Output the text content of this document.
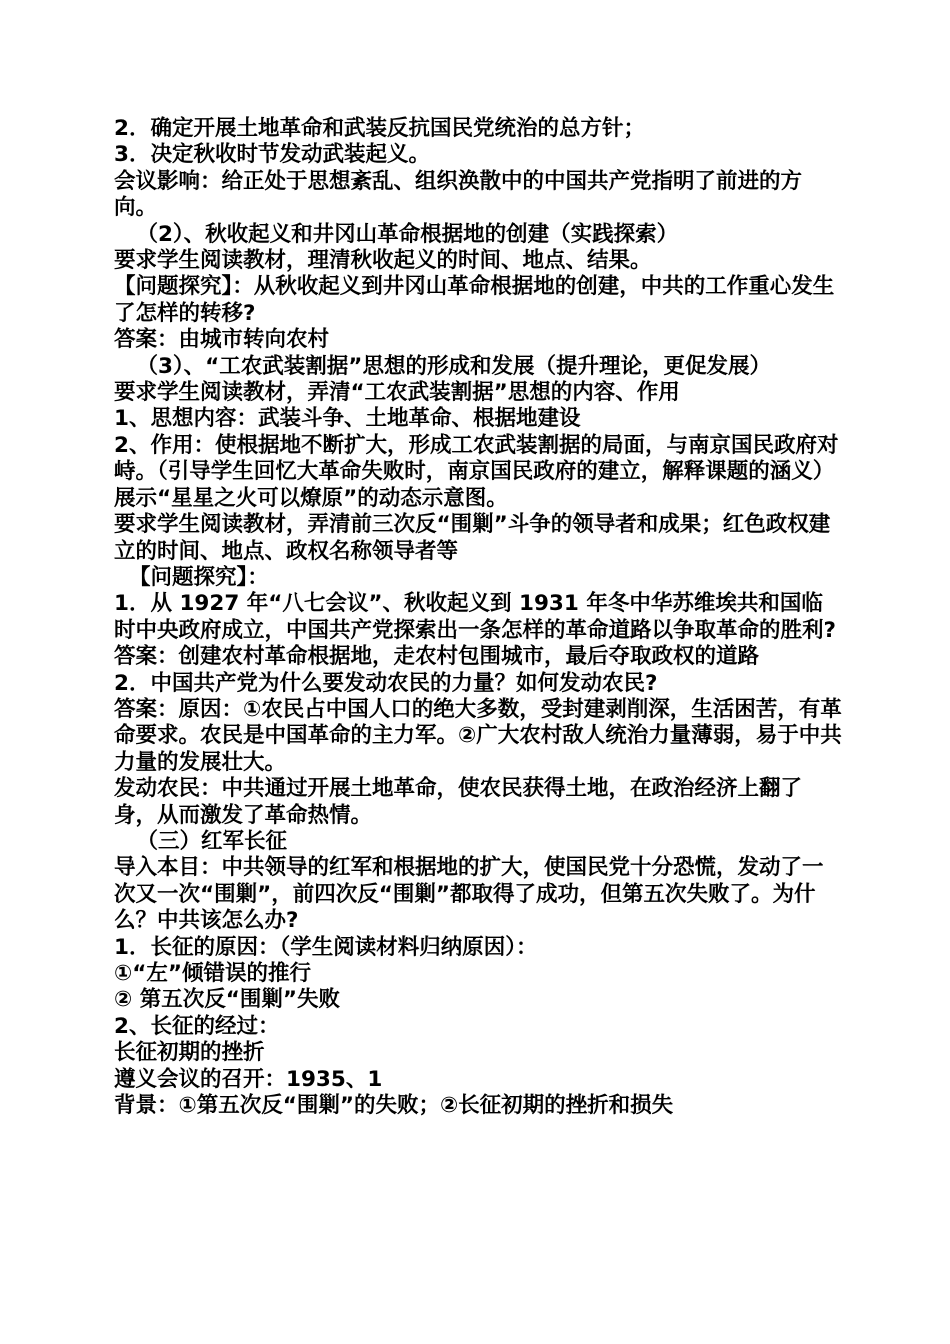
2．确定开展土地革命和武装反抗国民党统治的总方针；

3．决定秋收时节发动武装起义。

会议影响：给正处于思想紊乱、组织涣散中的中国共产党指明了前进的方向。

（2）、秋收起义和井冈山革命根据地的创建（实践探索）

要求学生阅读教材，理清秋收起义的时间、地点、结果。

【问题探究】：从秋收起义到井冈山革命根据地的创建，中共的工作重心发生了怎样的转移?

答案：由城市转向农村

（3）、“工农武装割据”思想的形成和发展（提升理论，更促发展）

要求学生阅读教材，弄清“工农武装割据”思想的内容、作用

1、思想内容：武装斗争、土地革命、根据地建设

2、作用：使根据地不断扩大，形成工农武装割据的局面，与南京国民政府对峙。（引导学生回忆大革命失败时，南京国民政府的建立，解释课题的涵义） 展示“星星之火可以燎原”的动态示意图。

要求学生阅读教材，弄清前三次反“围剿”斗争的领导者和成果；红色政权建立的时间、地点、政权名称领导者等

【问题探究】：

1．从 1927 年“八七会议”、秋收起义到 1931 年冬中华苏维埃共和国临时中央政府成立，中国共产党探索出一条怎样的革命道路以争取革命的胜利?

答案：创建农村革命根据地，走农村包围城市，最后夺取政权的道路

2．中国共产党为什么要发动农民的力量？如何发动农民?

答案：原因：①农民占中国人口的绝大多数，受封建剥削深，生活困苦，有革命要求。农民是中国革命的主力军。②广大农村敌人统治力量薄弱，易于中共力量的发展壮大。

发动农民：中共通过开展土地革命，使农民获得土地，在政治经济上翻了身，从而激发了革命热情。

（三）红军长征

导入本目：中共领导的红军和根据地的扩大，使国民党十分恐慌，发动了一次又一次“围剿”，前四次反“围剿”都取得了成功，但第五次失败了。为什么？中共该怎么办?

1．长征的原因：（学生阅读材料归纳原因）：

①“左”倾错误的推行

② 第五次反“围剿”失败

2、长征的经过：

长征初期的挫折

遵义会议的召开：1935、1

背景：①第五次反“围剿”的失败；②长征初期的挫折和损失
